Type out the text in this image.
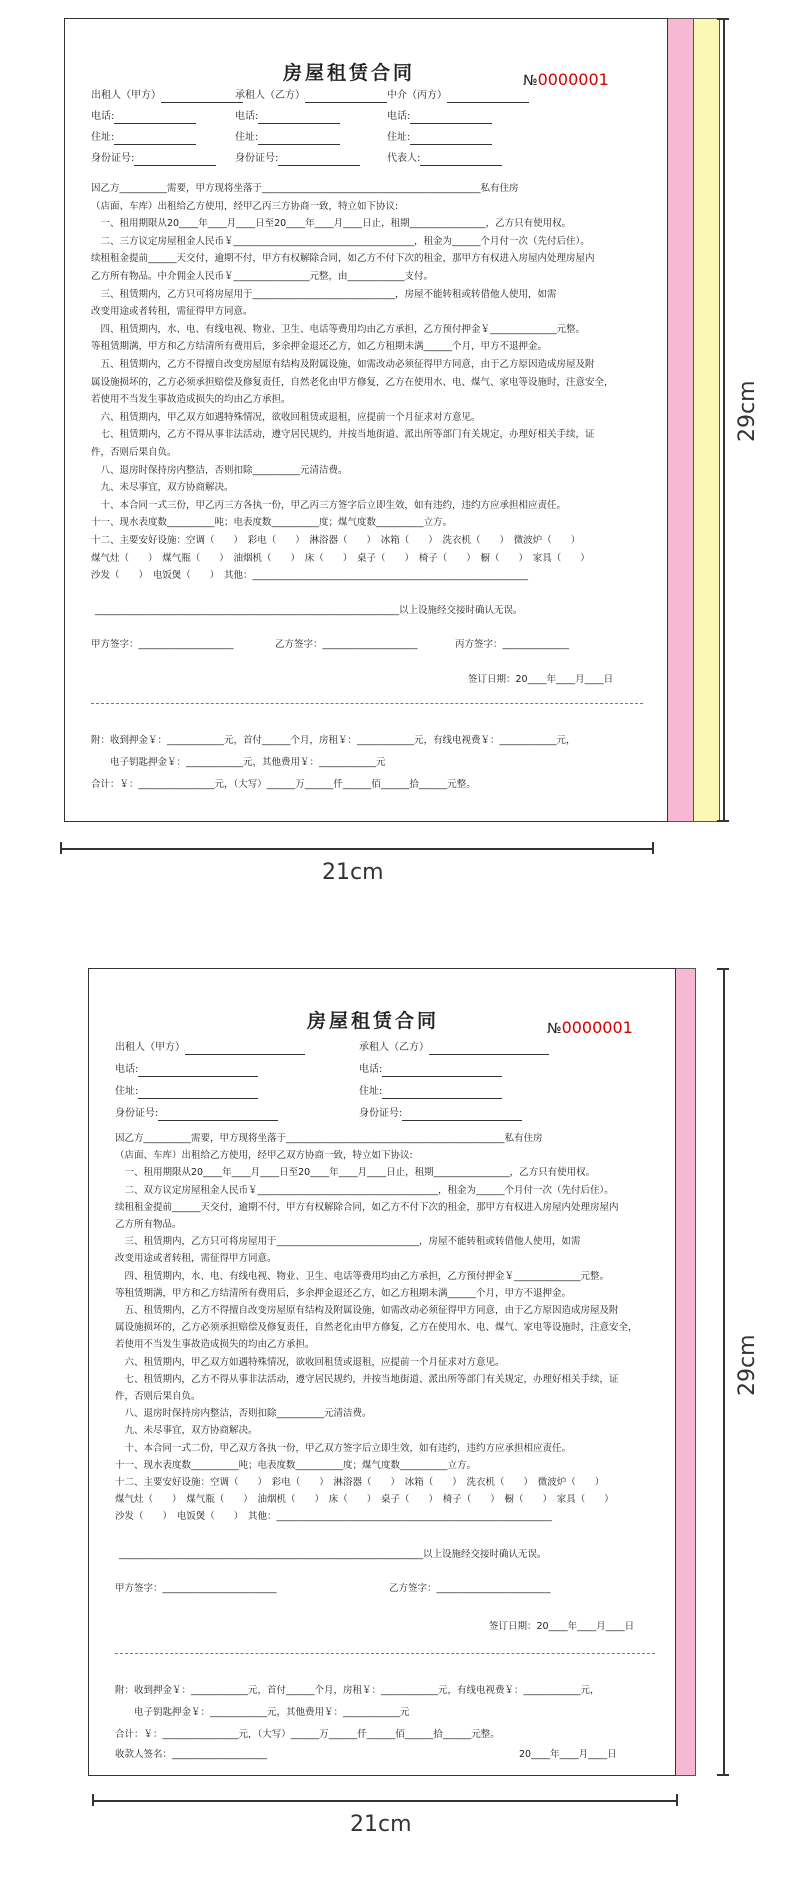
房屋租赁合同	№0000001
出租人（甲方）	承租人（乙方）	中介（丙方）
电话:	电话:	电话:
住址:	住址:	住址:
身份证号:	身份证号:	代表人:
因乙方__________需要，甲方现将坐落于______________________________________________私有住房
（店面、车库）出租给乙方使用，经甲乙丙三方协商一致，特立如下协议:
　一、租用期限从20____年____月____日至20____年____月____日止，租期________________，乙方只有使用权。
　二、三方议定房屋租金人民币￥______________________________________，租金为______个月付一次（先付后住）。
续租租金提前______天交付，逾期不付，甲方有权解除合同，如乙方不付下次的租金，那甲方有权进入房屋内处理房屋内
乙方所有物品。中介佣金人民币￥________________元整，由____________支付。
　三、租赁期内，乙方只可将房屋用于______________________________，房屋不能转租或转借他人使用，如需
改变用途或者转租，需征得甲方同意。
　四、租赁期内，水、电、有线电视、物业、卫生、电话等费用均由乙方承担，乙方预付押金￥______________元整。
等租赁期满，甲方和乙方结清所有费用后，多余押金退还乙方，如乙方租期未满______个月，甲方不退押金。
　五、租赁期内，乙方不得擅自改变房屋原有结构及附属设施，如需改动必须征得甲方同意，由于乙方原因造成房屋及附
属设施损坏的，乙方必须承担赔偿及修复责任，自然老化由甲方修复，乙方在使用水、电、煤气、家电等设施时，注意安全，
若使用不当发生事故造成损失的均由乙方承担。
　六、租赁期内，甲乙双方如遇特殊情况，欲收回租赁或退租，应提前一个月征求对方意见。
　七、租赁期内，乙方不得从事非法活动，遵守居民规约，并按当地街道、派出所等部门有关规定，办理好相关手续，证
件，否则后果自负。
　八、退房时保持房内整洁，否则扣除__________元清洁费。
　九、未尽事宜，双方协商解决。
　十、本合同一式三份，甲乙丙三方各执一份，甲乙丙三方签字后立即生效，如有违约，违约方应承担相应责任。
十一、现水表度数__________吨；电表度数__________度；煤气度数__________立方。
十二、主要安好设施：空调（　　）　彩电（　　）　淋浴器（　　）　冰箱（　　）　洗衣机（　　）　微波炉（　　）
煤气灶（　　）　煤气瓶（　　）　油烟机（　　）　床（　　）　桌子（　　）　椅子（　　）　橱（　　）　家具（　　）
沙发（　　）　电饭煲（　　）　其他：__________________________________________________________
________________________________________________________________以上设施经交接时确认无误。
甲方签字：____________________	乙方签字：____________________	丙方签字：______________
签订日期：20____年____月____日
附：收到押金￥：____________元，首付______个月，房租￥：____________元，有线电视费￥：____________元，
　　电子钥匙押金￥：____________元，其他费用￥：____________元
合计：￥：________________元，（大写）______万______仟______佰______拾______元整。
21cm
29cm
房屋租赁合同	№0000001
出租人（甲方）	承租人（乙方）
电话:	电话:
住址:	住址:
身份证号:	身份证号:
因乙方__________需要，甲方现将坐落于______________________________________________私有住房
（店面、车库）出租给乙方使用，经甲乙双方协商一致，特立如下协议:
　一、租用期限从20____年____月____日至20____年____月____日止，租期________________，乙方只有使用权。
　二、双方议定房屋租金人民币￥______________________________________，租金为______个月付一次（先付后住）。
续租租金提前______天交付，逾期不付，甲方有权解除合同，如乙方不付下次的租金，那甲方有权进入房屋内处理房屋内
乙方所有物品。
　三、租赁期内，乙方只可将房屋用于______________________________，房屋不能转租或转借他人使用，如需
改变用途或者转租，需征得甲方同意。
　四、租赁期内，水、电、有线电视、物业、卫生、电话等费用均由乙方承担，乙方预付押金￥______________元整。
等租赁期满，甲方和乙方结清所有费用后，多余押金退还乙方，如乙方租期未满______个月，甲方不退押金。
　五、租赁期内，乙方不得擅自改变房屋原有结构及附属设施，如需改动必须征得甲方同意，由于乙方原因造成房屋及附
属设施损坏的，乙方必须承担赔偿及修复责任，自然老化由甲方修复，乙方在使用水、电、煤气、家电等设施时，注意安全，
若使用不当发生事故造成损失的均由乙方承担。
　六、租赁期内，甲乙双方如遇特殊情况，欲收回租赁或退租，应提前一个月征求对方意见。
　七、租赁期内，乙方不得从事非法活动，遵守居民规约，并按当地街道、派出所等部门有关规定，办理好相关手续，证
件，否则后果自负。
　八、退房时保持房内整洁，否则扣除__________元清洁费。
　九、未尽事宜，双方协商解决。
　十、本合同一式二份，甲乙双方各执一份，甲乙双方签字后立即生效，如有违约，违约方应承担相应责任。
十一、现水表度数__________吨；电表度数__________度；煤气度数__________立方。
十二、主要安好设施：空调（　　）　彩电（　　）　淋浴器（　　）　冰箱（　　）　洗衣机（　　）　微波炉（　　）
煤气灶（　　）　煤气瓶（　　）　油烟机（　　）　床（　　）　桌子（　　）　椅子（　　）　橱（　　）　家具（　　）
沙发（　　）　电饭煲（　　）　其他：__________________________________________________________
________________________________________________________________以上设施经交接时确认无误。
甲方签字：________________________	乙方签字：________________________
签订日期：20____年____月____日
附：收到押金￥：____________元，首付______个月，房租￥：____________元，有线电视费￥：____________元，
　　电子钥匙押金￥：____________元，其他费用￥：____________元
合计：￥：________________元，（大写）______万______仟______佰______拾______元整。
收款人签名：____________________	20____年____月____日
21cm
29cm
